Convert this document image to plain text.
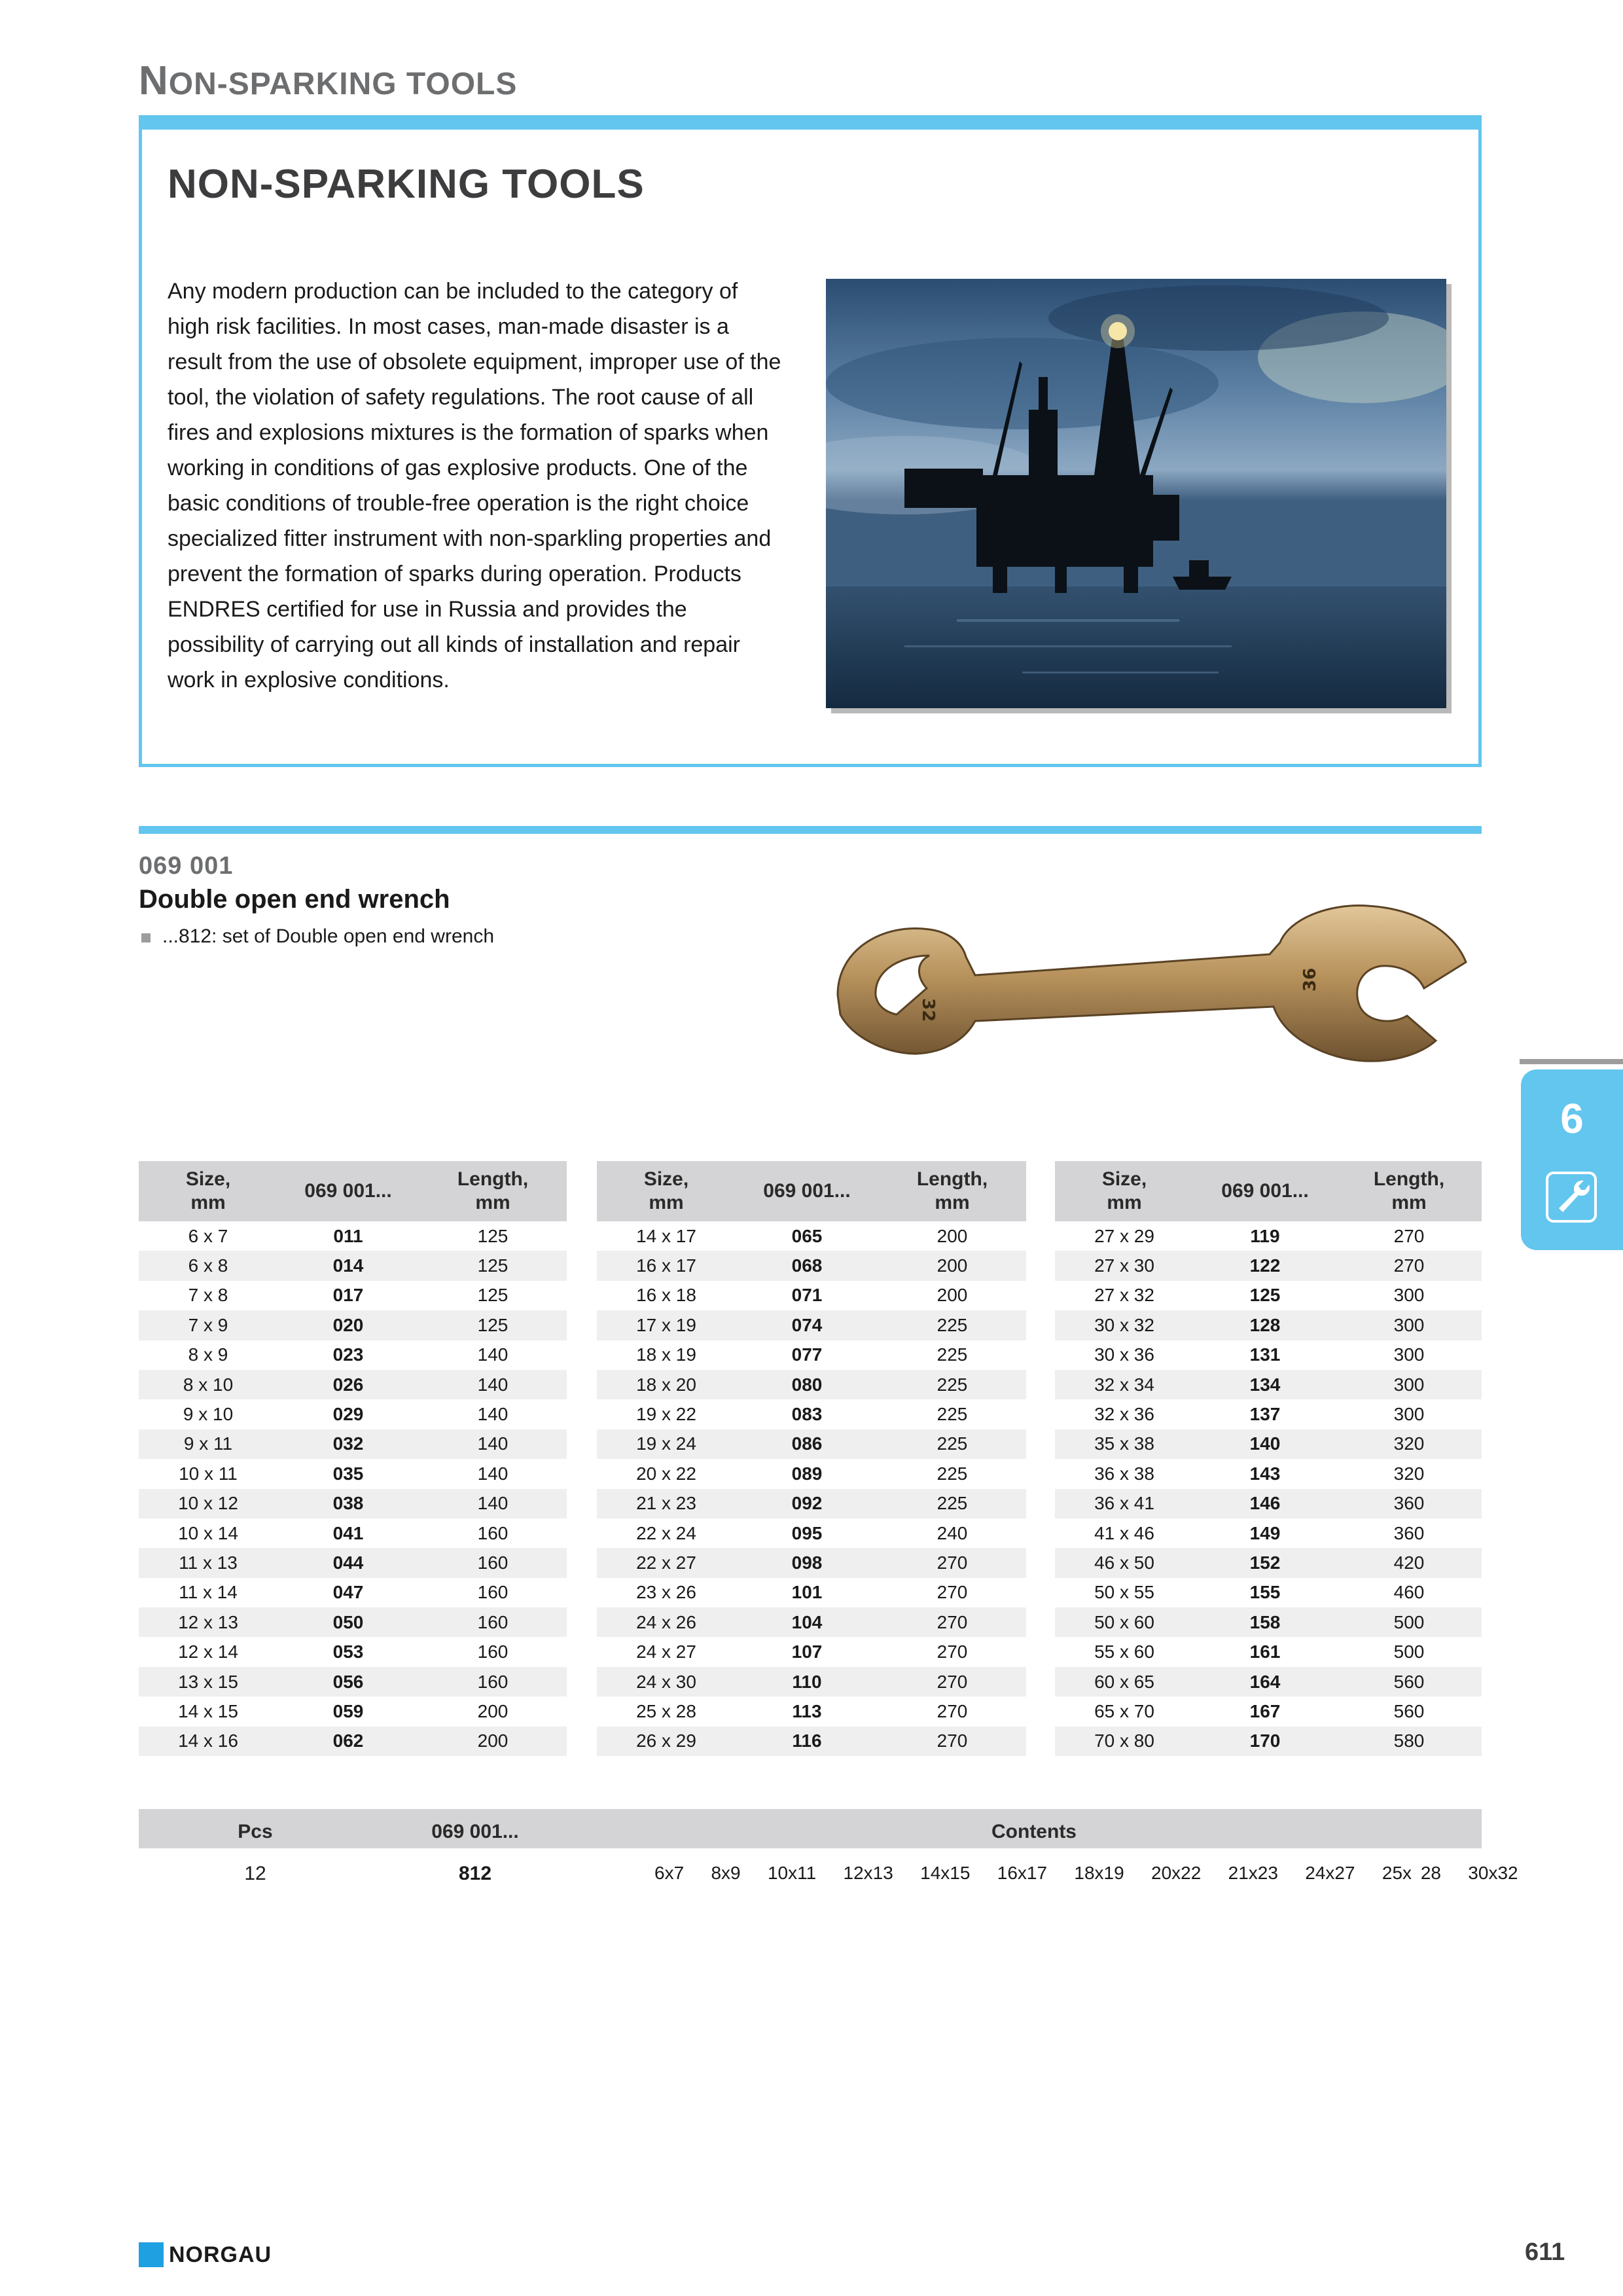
NON-SPARKING TOOLS
NON-SPARKING TOOLS
Any modern production can be included to the category of high risk facilities. In most cases, man-made disaster is a result from the use of obsolete equipment, improper use of the tool, the violation of safety regulations. The root cause of all fires and explosions mixtures is the formation of sparks when working in conditions of gas explosive products. One of the basic conditions of trouble-free operation is the right choice specialized fitter instrument with non-sparkling properties and prevent the formation of sparks during operation. Products ENDRES certified for use in Russia and provides the possibility of carrying out all kinds of installation and repair work in explosive conditions.
069 001
Double open end wrench
...812: set of Double open end wrench
32
36
6
Size,
mm	069 001...	Length,
mm
6 x 7	011	125
6 x 8	014	125
7 x 8	017	125
7 x 9	020	125
8 x 9	023	140
8 x 10	026	140
9 x 10	029	140
9 x 11	032	140
10 x 11	035	140
10 x 12	038	140
10 x 14	041	160
11 x 13	044	160
11 x 14	047	160
12 x 13	050	160
12 x 14	053	160
13 x 15	056	160
14 x 15	059	200
14 x 16	062	200
Size,
mm	069 001...	Length,
mm
14 x 17	065	200
16 x 17	068	200
16 x 18	071	200
17 x 19	074	225
18 x 19	077	225
18 x 20	080	225
19 x 22	083	225
19 x 24	086	225
20 x 22	089	225
21 x 23	092	225
22 x 24	095	240
22 x 27	098	270
23 x 26	101	270
24 x 26	104	270
24 x 27	107	270
24 x 30	110	270
25 x 28	113	270
26 x 29	116	270
Size,
mm	069 001...	Length,
mm
27 x 29	119	270
27 x 30	122	270
27 x 32	125	300
30 x 32	128	300
30 x 36	131	300
32 x 34	134	300
32 x 36	137	300
35 x 38	140	320
36 x 38	143	320
36 x 41	146	360
41 x 46	149	360
46 x 50	152	420
50 x 55	155	460
50 x 60	158	500
55 x 60	161	500
60 x 65	164	560
65 x 70	167	560
70 x 80	170	580
Pcs	069 001...	Contents
12	812	6x7   8x9   10x11   12x13   14x15   16x17   18x19   20x22   21x23   24x27   25x 28   30x32
NORGAU	611
